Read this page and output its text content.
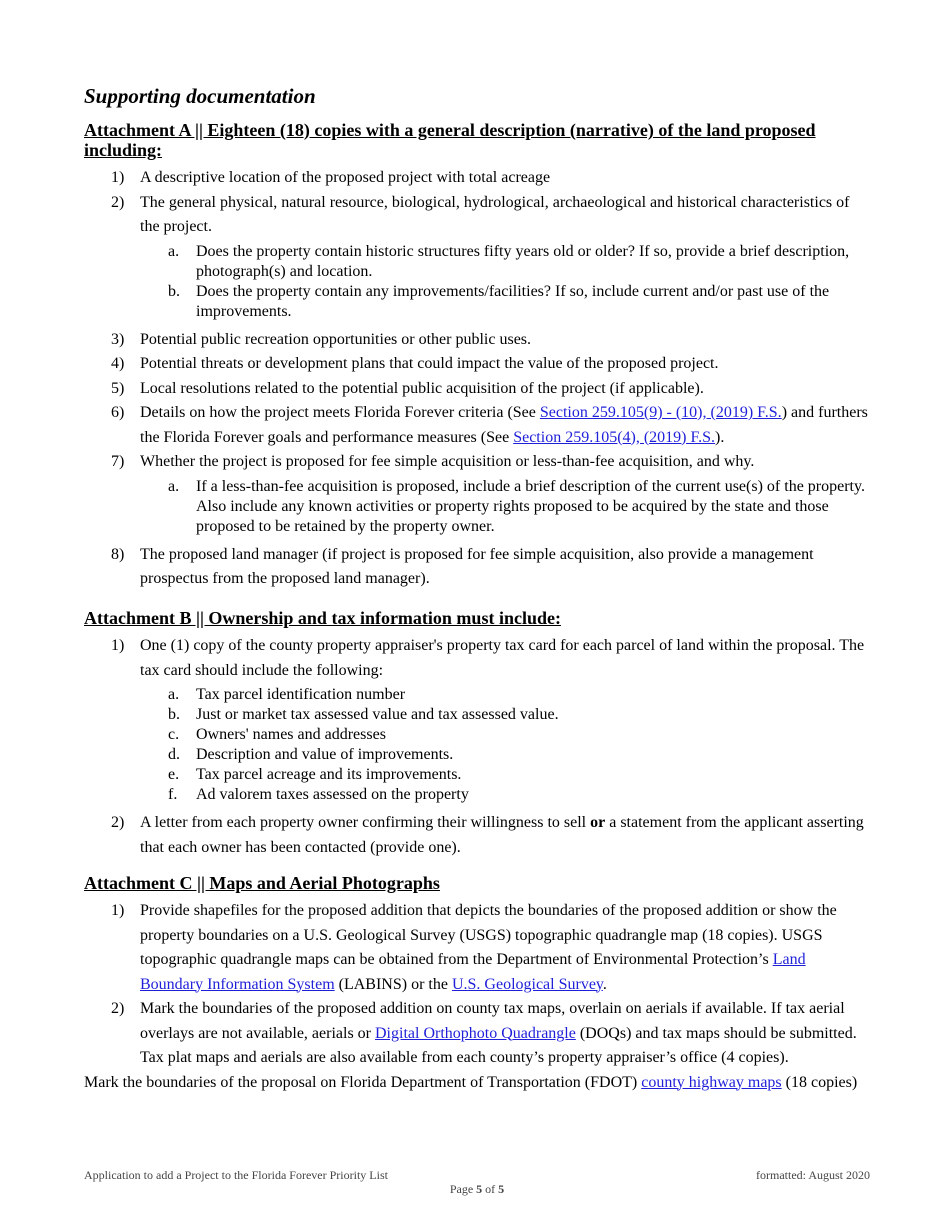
Supporting documentation
Attachment A || Eighteen (18) copies with a general description (narrative) of the land proposed including:
1) A descriptive location of the proposed project with total acreage
2) The general physical, natural resource, biological, hydrological, archaeological and historical characteristics of the project.
a. Does the property contain historic structures fifty years old or older? If so, provide a brief description, photograph(s) and location.
b. Does the property contain any improvements/facilities? If so, include current and/or past use of the improvements.
3) Potential public recreation opportunities or other public uses.
4) Potential threats or development plans that could impact the value of the proposed project.
5) Local resolutions related to the potential public acquisition of the project (if applicable).
6) Details on how the project meets Florida Forever criteria (See Section 259.105(9) - (10), (2019) F.S.) and furthers the Florida Forever goals and performance measures (See Section 259.105(4), (2019) F.S.).
7) Whether the project is proposed for fee simple acquisition or less-than-fee acquisition, and why.
a. If a less-than-fee acquisition is proposed, include a brief description of the current use(s) of the property. Also include any known activities or property rights proposed to be acquired by the state and those proposed to be retained by the property owner.
8) The proposed land manager (if project is proposed for fee simple acquisition, also provide a management prospectus from the proposed land manager).
Attachment B || Ownership and tax information must include:
1) One (1) copy of the county property appraiser's property tax card for each parcel of land within the proposal. The tax card should include the following:
a. Tax parcel identification number
b. Just or market tax assessed value and tax assessed value.
c. Owners' names and addresses
d. Description and value of improvements.
e. Tax parcel acreage and its improvements.
f. Ad valorem taxes assessed on the property
2) A letter from each property owner confirming their willingness to sell or a statement from the applicant asserting that each owner has been contacted (provide one).
Attachment C || Maps and Aerial Photographs
1) Provide shapefiles for the proposed addition that depicts the boundaries of the proposed addition or show the property boundaries on a U.S. Geological Survey (USGS) topographic quadrangle map (18 copies). USGS topographic quadrangle maps can be obtained from the Department of Environmental Protection’s Land Boundary Information System (LABINS) or the U.S. Geological Survey.
2) Mark the boundaries of the proposed addition on county tax maps, overlain on aerials if available. If tax aerial overlays are not available, aerials or Digital Orthophoto Quadrangle (DOQs) and tax maps should be submitted. Tax plat maps and aerials are also available from each county’s property appraiser’s office (4 copies).
Mark the boundaries of the proposal on Florida Department of Transportation (FDOT) county highway maps (18 copies)
Application to add a Project to the Florida Forever Priority List	formatted: August 2020
Page 5 of 5
